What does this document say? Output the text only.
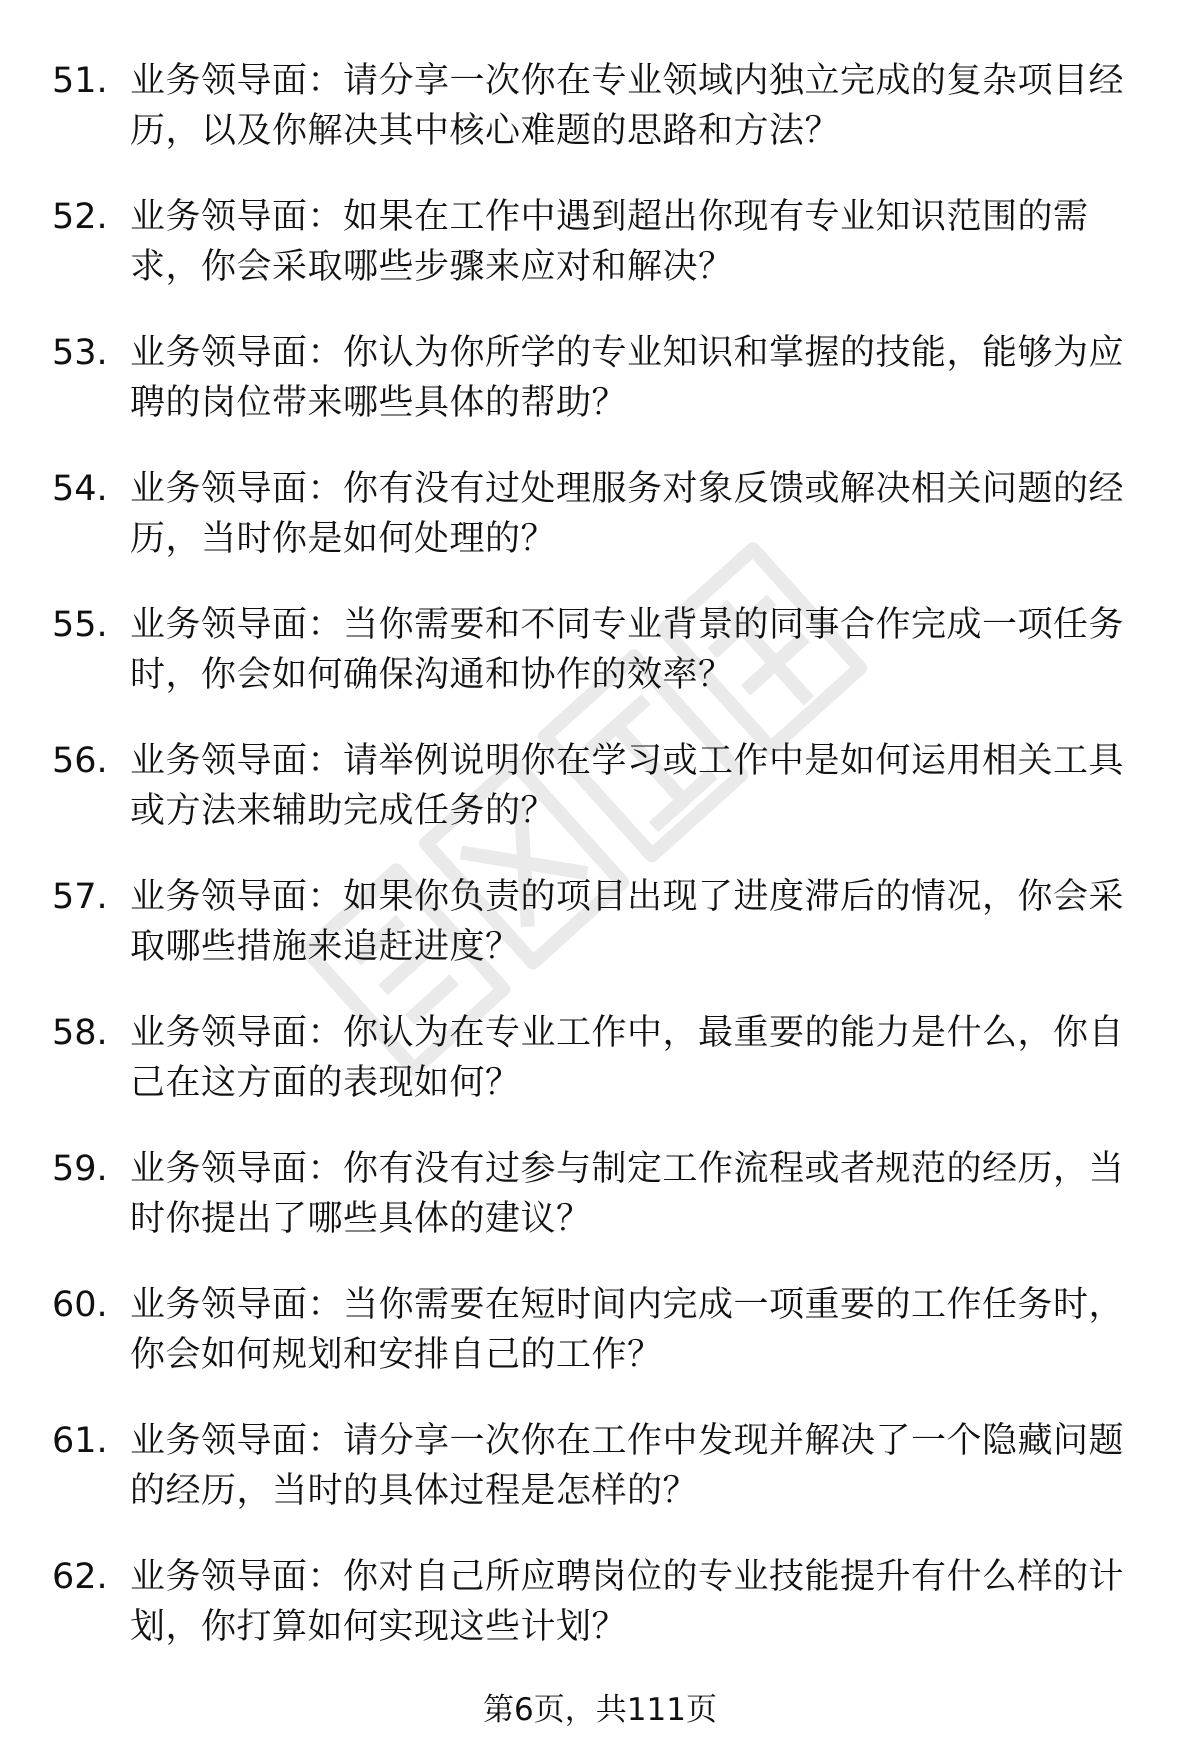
51. 业务领导面：请分享一次你在专业领域内独立完成的复杂项目经历，以及你解决其中核心难题的思路和方法？
52. 业务领导面：如果在工作中遇到超出你现有专业知识范围的需求，你会采取哪些步骤来应对和解决？
53. 业务领导面：你认为你所学的专业知识和掌握的技能，能够为应聘的岗位带来哪些具体的帮助？
54. 业务领导面：你有没有过处理服务对象反馈或解决相关问题的经历，当时你是如何处理的？
55. 业务领导面：当你需要和不同专业背景的同事合作完成一项任务时，你会如何确保沟通和协作的效率？
56. 业务领导面：请举例说明你在学习或工作中是如何运用相关工具或方法来辅助完成任务的？
57. 业务领导面：如果你负责的项目出现了进度滞后的情况，你会采取哪些措施来追赶进度？
58. 业务领导面：你认为在专业工作中，最重要的能力是什么，你自己在这方面的表现如何？
59. 业务领导面：你有没有过参与制定工作流程或者规范的经历，当时你提出了哪些具体的建议？
60. 业务领导面：当你需要在短时间内完成一项重要的工作任务时，你会如何规划和安排自己的工作？
61. 业务领导面：请分享一次你在工作中发现并解决了一个隐藏问题的经历，当时的具体过程是怎样的？
62. 业务领导面：你对自己所应聘岗位的专业技能提升有什么样的计划，你打算如何实现这些计划？
第6页，共111页
